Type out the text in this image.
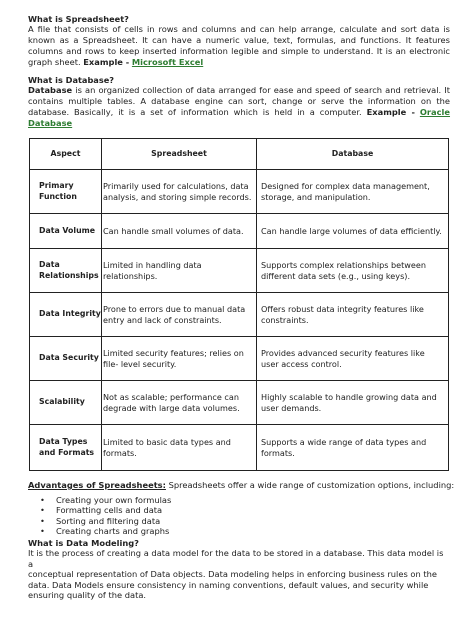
What is Spreadsheet?

A file that consists of cells in rows and columns and can help arrange, calculate and sort data is known as a Spreadsheet. It can have a numeric value, text, formulas, and functions. It features columns and rows to keep inserted information legible and simple to understand. It is an electronic graph sheet. Example - Microsoft Excel

What is Database?

Database is an organized collection of data arranged for ease and speed of search and retrieval. It contains multiple tables. A database engine can sort, change or serve the information on the database. Basically, it is a set of information which is held in a computer. Example - Oracle Database

Aspect	Spreadsheet	Database
Primary Function	Primarily used for calculations, data analysis, and storing simple records.	Designed for complex data management, storage, and manipulation.
Data Volume	Can handle small volumes of data.	Can handle large volumes of data efficiently.
Data Relationships	Limited in handling data relationships.	Supports complex relationships between different data sets (e.g., using keys).
Data Integrity	Prone to errors due to manual data entry and lack of constraints.	Offers robust data integrity features like constraints.
Data Security	Limited security features; relies on file- level security.	Provides advanced security features like user access control.
Scalability	Not as scalable; performance can degrade with large data volumes.	Highly scalable to handle growing data and user demands.
Data Types and Formats	Limited to basic data types and formats.	Supports a wide range of data types and formats.
Advantages of Spreadsheets: Spreadsheets offer a wide range of customization options, including:
• Creating your own formulas
• Formatting cells and data
• Sorting and filtering data
• Creating charts and graphs
What is Data Modeling?

It is the process of creating a data model for the data to be stored in a database. This data model is a
conceptual representation of Data objects. Data modeling helps in enforcing business rules on the data. Data Models ensure consistency in naming conventions, default values, and security while ensuring quality of the data.
